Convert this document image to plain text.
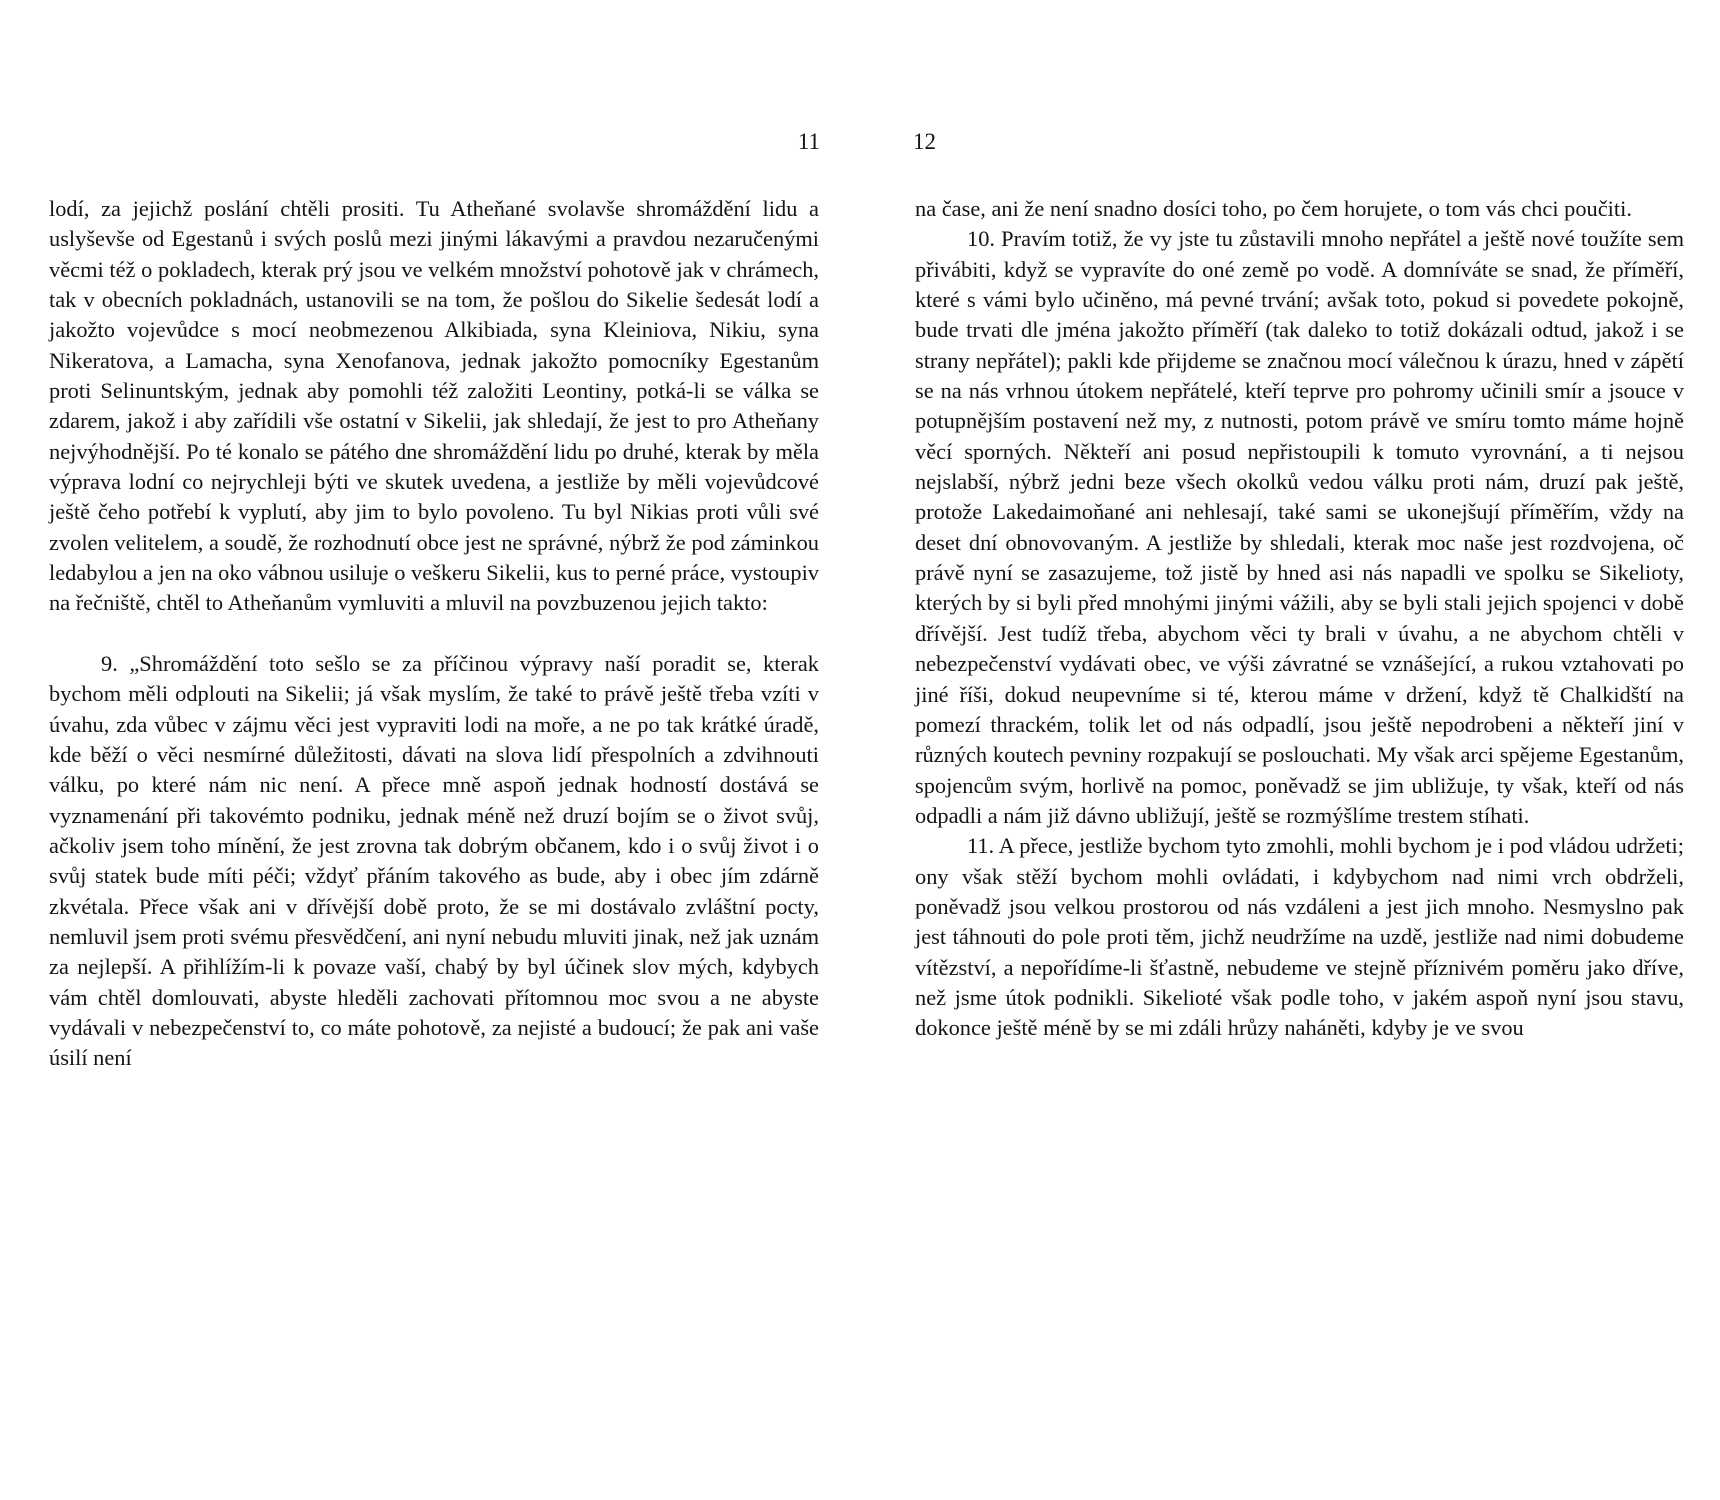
11

lodí, za jejichž poslání chtěli prositi. Tu Atheňané svolavše shromáždění lidu a uslyševše od Egestanů i svých poslů mezi jinými lákavými a pravdou nezaručenými věcmi též o pokladech, kterak prý jsou ve velkém množství pohotově jak v chrámech, tak v obecních pokladnách, ustanovili se na tom, že pošlou do Sikelie šedesát lodí a jakožto vojevůdce s mocí neobmezenou Alkibiada, syna Kleiniova, Nikiu, syna Nikeratova, a Lamacha, syna Xenofanova, jednak jakožto pomocníky Egestanům proti Selinuntským, jednak aby pomohli též založiti Leontiny, potká-li se válka se zdarem, jakož i aby zařídili vše ostatní v Sikelii, jak shledají, že jest to pro Atheňany nejvýhodnější. Po té konalo se pátého dne shromáždění lidu po druhé, kterak by měla výprava lodní co nejrychleji býti ve skutek uvedena, a jestliže by měli vojevůdcové ještě čeho potřebí k vyplutí, aby jim to bylo povoleno. Tu byl Nikias proti vůli své zvolen velitelem, a soudě, že rozhodnutí obce jest ne správné, nýbrž že pod záminkou ledabylou a jen na oko vábnou usiluje o veškeru Sikelii, kus to perné práce, vystoupiv na řečniště, chtěl to Atheňanům vymluviti a mluvil na povzbuzenou jejich takto:

9. „Shromáždění toto sešlo se za příčinou výpravy naší poradit se, kterak bychom měli odplouti na Sikelii; já však myslím, že také to právě ještě třeba vzíti v úvahu, zda vůbec v zájmu věci jest vypraviti lodi na moře, a ne po tak krátké úradě, kde běží o věci nesmírné důležitosti, dávati na slova lidí přespolních a zdvihnouti válku, po které nám nic není. A přece mně aspoň jednak hodností dostává se vyznamenání při takovémto podniku, jednak méně než druzí bojím se o život svůj, ačkoliv jsem toho mínění, že jest zrovna tak dobrým občanem, kdo i o svůj život i o svůj statek bude míti péči; vždyť přáním takového as bude, aby i obec jím zdárně zkvétala. Přece však ani v dřívější době proto, že se mi dostávalo zvláštní pocty, nemluvil jsem proti svému přesvědčení, ani nyní nebudu mluviti jinak, než jak uznám za nejlepší. A přihlížím-li k povaze vaší, chabý by byl účinek slov mých, kdybych vám chtěl domlouvati, abyste hleděli zachovati přítomnou moc svou a ne abyste vydávali v nebezpečenství to, co máte pohotově, za nejisté a budoucí; že pak ani vaše úsilí není

12

na čase, ani že není snadno dosíci toho, po čem horujete, o tom vás chci poučiti.

10. Pravím totiž, že vy jste tu zůstavili mnoho nepřátel a ještě nové toužíte sem přivábiti, když se vypravíte do oné země po vodě. A domníváte se snad, že příměří, které s vámi bylo učiněno, má pevné trvání; avšak toto, pokud si povedete pokojně, bude trvati dle jména jakožto příměří (tak daleko to totiž dokázali odtud, jakož i se strany nepřátel); pakli kde přijdeme se značnou mocí válečnou k úrazu, hned v zápětí se na nás vrhnou útokem nepřátelé, kteří teprve pro pohromy učinili smír a jsouce v potupnějším postavení než my, z nutnosti, potom právě ve smíru tomto máme hojně věcí sporných. Někteří ani posud nepřistoupili k tomuto vyrovnání, a ti nejsou nejslabší, nýbrž jedni beze všech okolků vedou válku proti nám, druzí pak ještě, protože Lakedaimoňané ani nehlesají, také sami se ukonejšují příměřím, vždy na deset dní obnovovaným. A jestliže by shledali, kterak moc naše jest rozdvojena, oč právě nyní se zasazujeme, tož jistě by hned asi nás napadli ve spolku se Sikelioty, kterých by si byli před mnohými jinými vážili, aby se byli stali jejich spojenci v době dřívější. Jest tudíž třeba, abychom věci ty brali v úvahu, a ne abychom chtěli v nebezpečenství vydávati obec, ve výši závratné se vznášející, a rukou vztahovati po jiné říši, dokud neupevníme si té, kterou máme v držení, když tě Chalkidští na pomezí thrackém, tolik let od nás odpadlí, jsou ještě nepodrobeni a někteří jiní v různých koutech pevniny rozpakují se poslouchati. My však arci spějeme Egestanům, spojencům svým, horlivě na pomoc, poněvadž se jim ubližuje, ty však, kteří od nás odpadli a nám již dávno ubližují, ještě se rozmýšlíme trestem stíhati.

11. A přece, jestliže bychom tyto zmohli, mohli bychom je i pod vládou udržeti; ony však stěží bychom mohli ovládati, i kdybychom nad nimi vrch obdrželi, poněvadž jsou velkou prostorou od nás vzdáleni a jest jich mnoho. Nesmyslno pak jest táhnouti do pole proti těm, jichž neudržíme na uzdě, jestliže nad nimi dobudeme vítězství, a nepořídíme-li šťastně, nebudeme ve stejně příznivém poměru jako dříve, než jsme útok podnikli. Sikelioté však podle toho, v jakém aspoň nyní jsou stavu, dokonce ještě méně by se mi zdáli hrůzy naháněti, kdyby je ve svou
